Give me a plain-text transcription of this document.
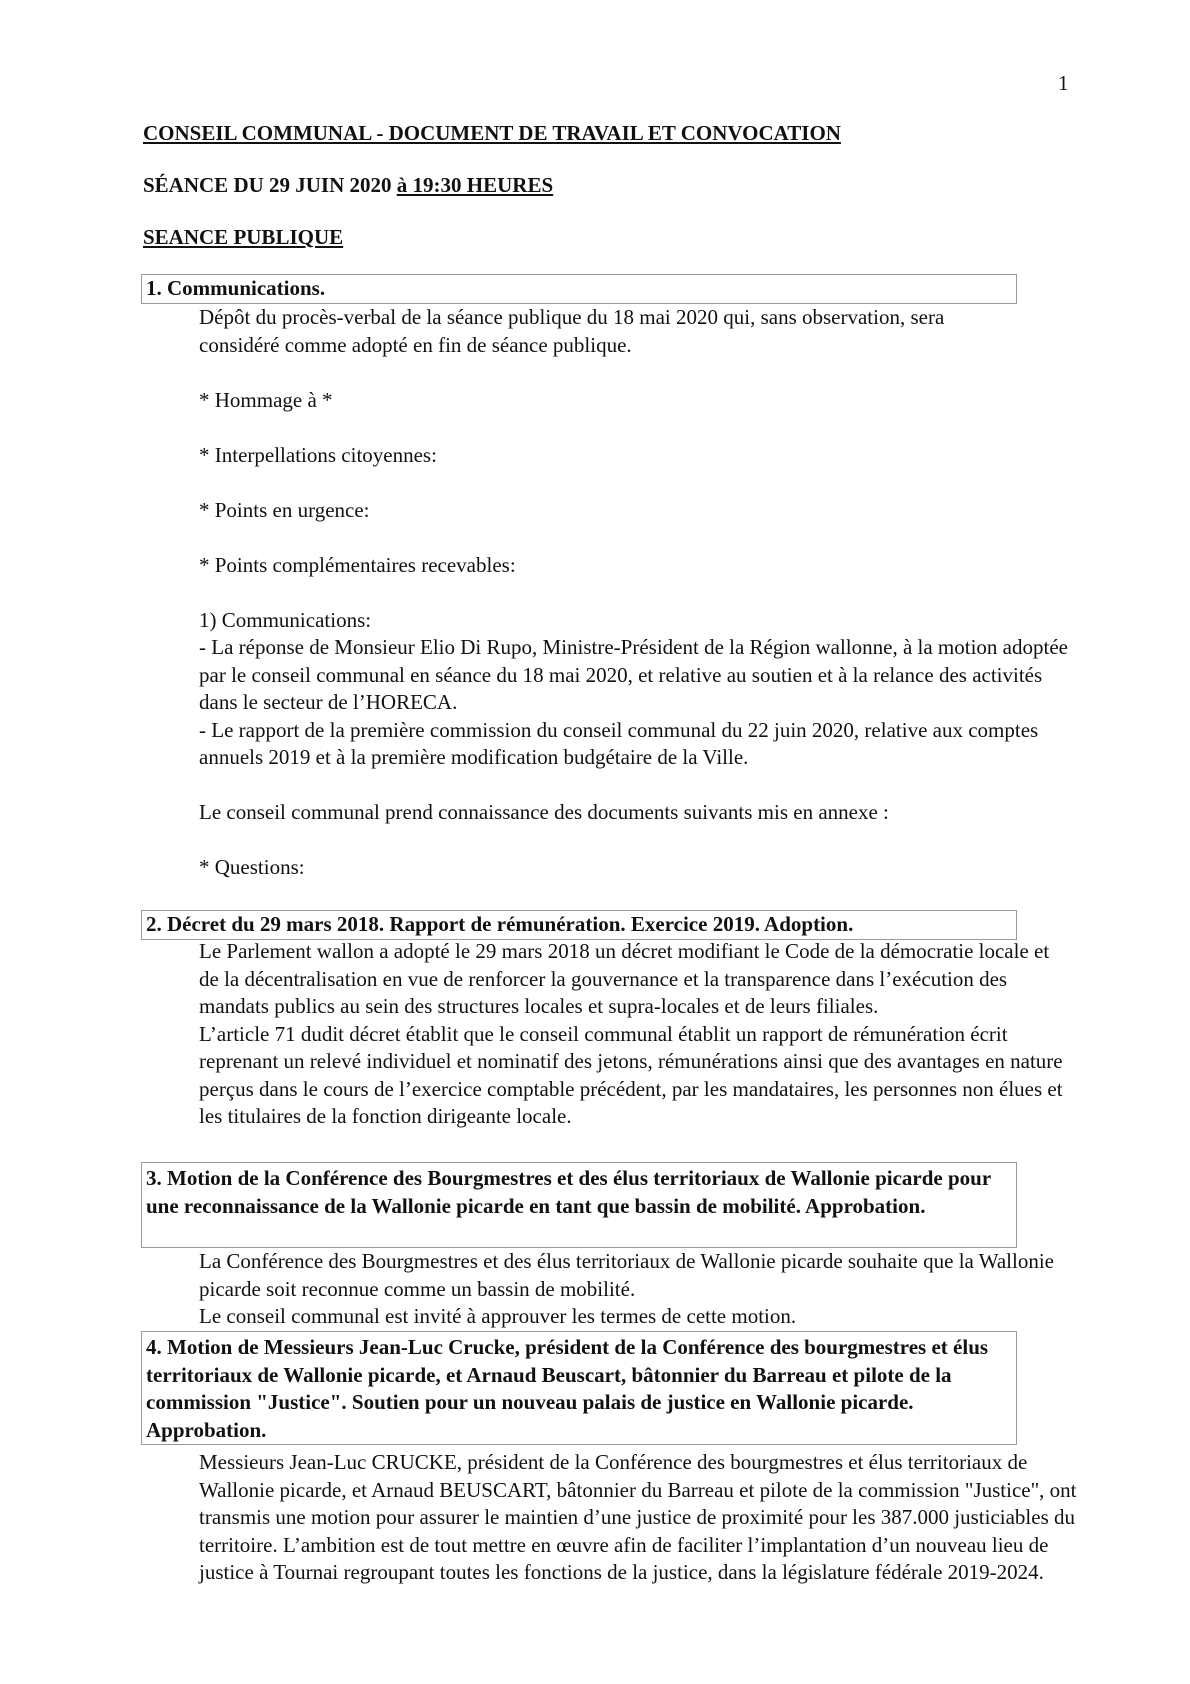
1
CONSEIL COMMUNAL - DOCUMENT DE TRAVAIL ET CONVOCATION
SÉANCE DU 29 JUIN 2020 à 19:30 HEURES
SEANCE PUBLIQUE
1. Communications.

Dépôt du procès-verbal de la séance publique du 18 mai 2020 qui, sans observation, sera considéré comme adopté en fin de séance publique.

* Hommage à *

* Interpellations citoyennes:

* Points en urgence:

* Points complémentaires recevables:

1) Communications:

- La réponse de Monsieur Elio Di Rupo, Ministre-Président de la Région wallonne, à la motion adoptée par le conseil communal en séance du 18 mai 2020, et relative au soutien et à la relance des activités dans le secteur de l’HORECA.

- Le rapport de la première commission du conseil communal du 22 juin 2020, relative aux comptes annuels 2019 et à la première modification budgétaire de la Ville.

Le conseil communal prend connaissance des documents suivants mis en annexe :

* Questions:

2. Décret du 29 mars 2018. Rapport de rémunération. Exercice 2019. Adoption.

Le Parlement wallon a adopté le 29 mars 2018 un décret modifiant le Code de la démocratie locale et de la décentralisation en vue de renforcer la gouvernance et la transparence dans l’exécution des mandats publics au sein des structures locales et supra-locales et de leurs filiales.

L’article 71 dudit décret établit que le conseil communal établit un rapport de rémunération écrit reprenant un relevé individuel et nominatif des jetons, rémunérations ainsi que des avantages en nature perçus dans le cours de l’exercice comptable précédent, par les mandataires, les personnes non élues et les titulaires de la fonction dirigeante locale.

3. Motion de la Conférence des Bourgmestres et des élus territoriaux de Wallonie picarde pour une reconnaissance de la Wallonie picarde en tant que bassin de mobilité. Approbation.

La Conférence des Bourgmestres et des élus territoriaux de Wallonie picarde souhaite que la Wallonie picarde soit reconnue comme un bassin de mobilité.

Le conseil communal est invité à approuver les termes de cette motion.

4. Motion de Messieurs Jean-Luc Crucke, président de la Conférence des bourgmestres et élus territoriaux de Wallonie picarde, et Arnaud Beuscart, bâtonnier du Barreau et pilote de la commission "Justice". Soutien pour un nouveau palais de justice en Wallonie picarde. Approbation.

Messieurs Jean-Luc CRUCKE, président de la Conférence des bourgmestres et élus territoriaux de Wallonie picarde, et Arnaud BEUSCART, bâtonnier du Barreau et pilote de la commission "Justice", ont transmis une motion pour assurer le maintien d’une justice de proximité pour les 387.000 justiciables du territoire. L’ambition est de tout mettre en œuvre afin de faciliter l’implantation d’un nouveau lieu de justice à Tournai regroupant toutes les fonctions de la justice, dans la législature fédérale 2019-2024.
